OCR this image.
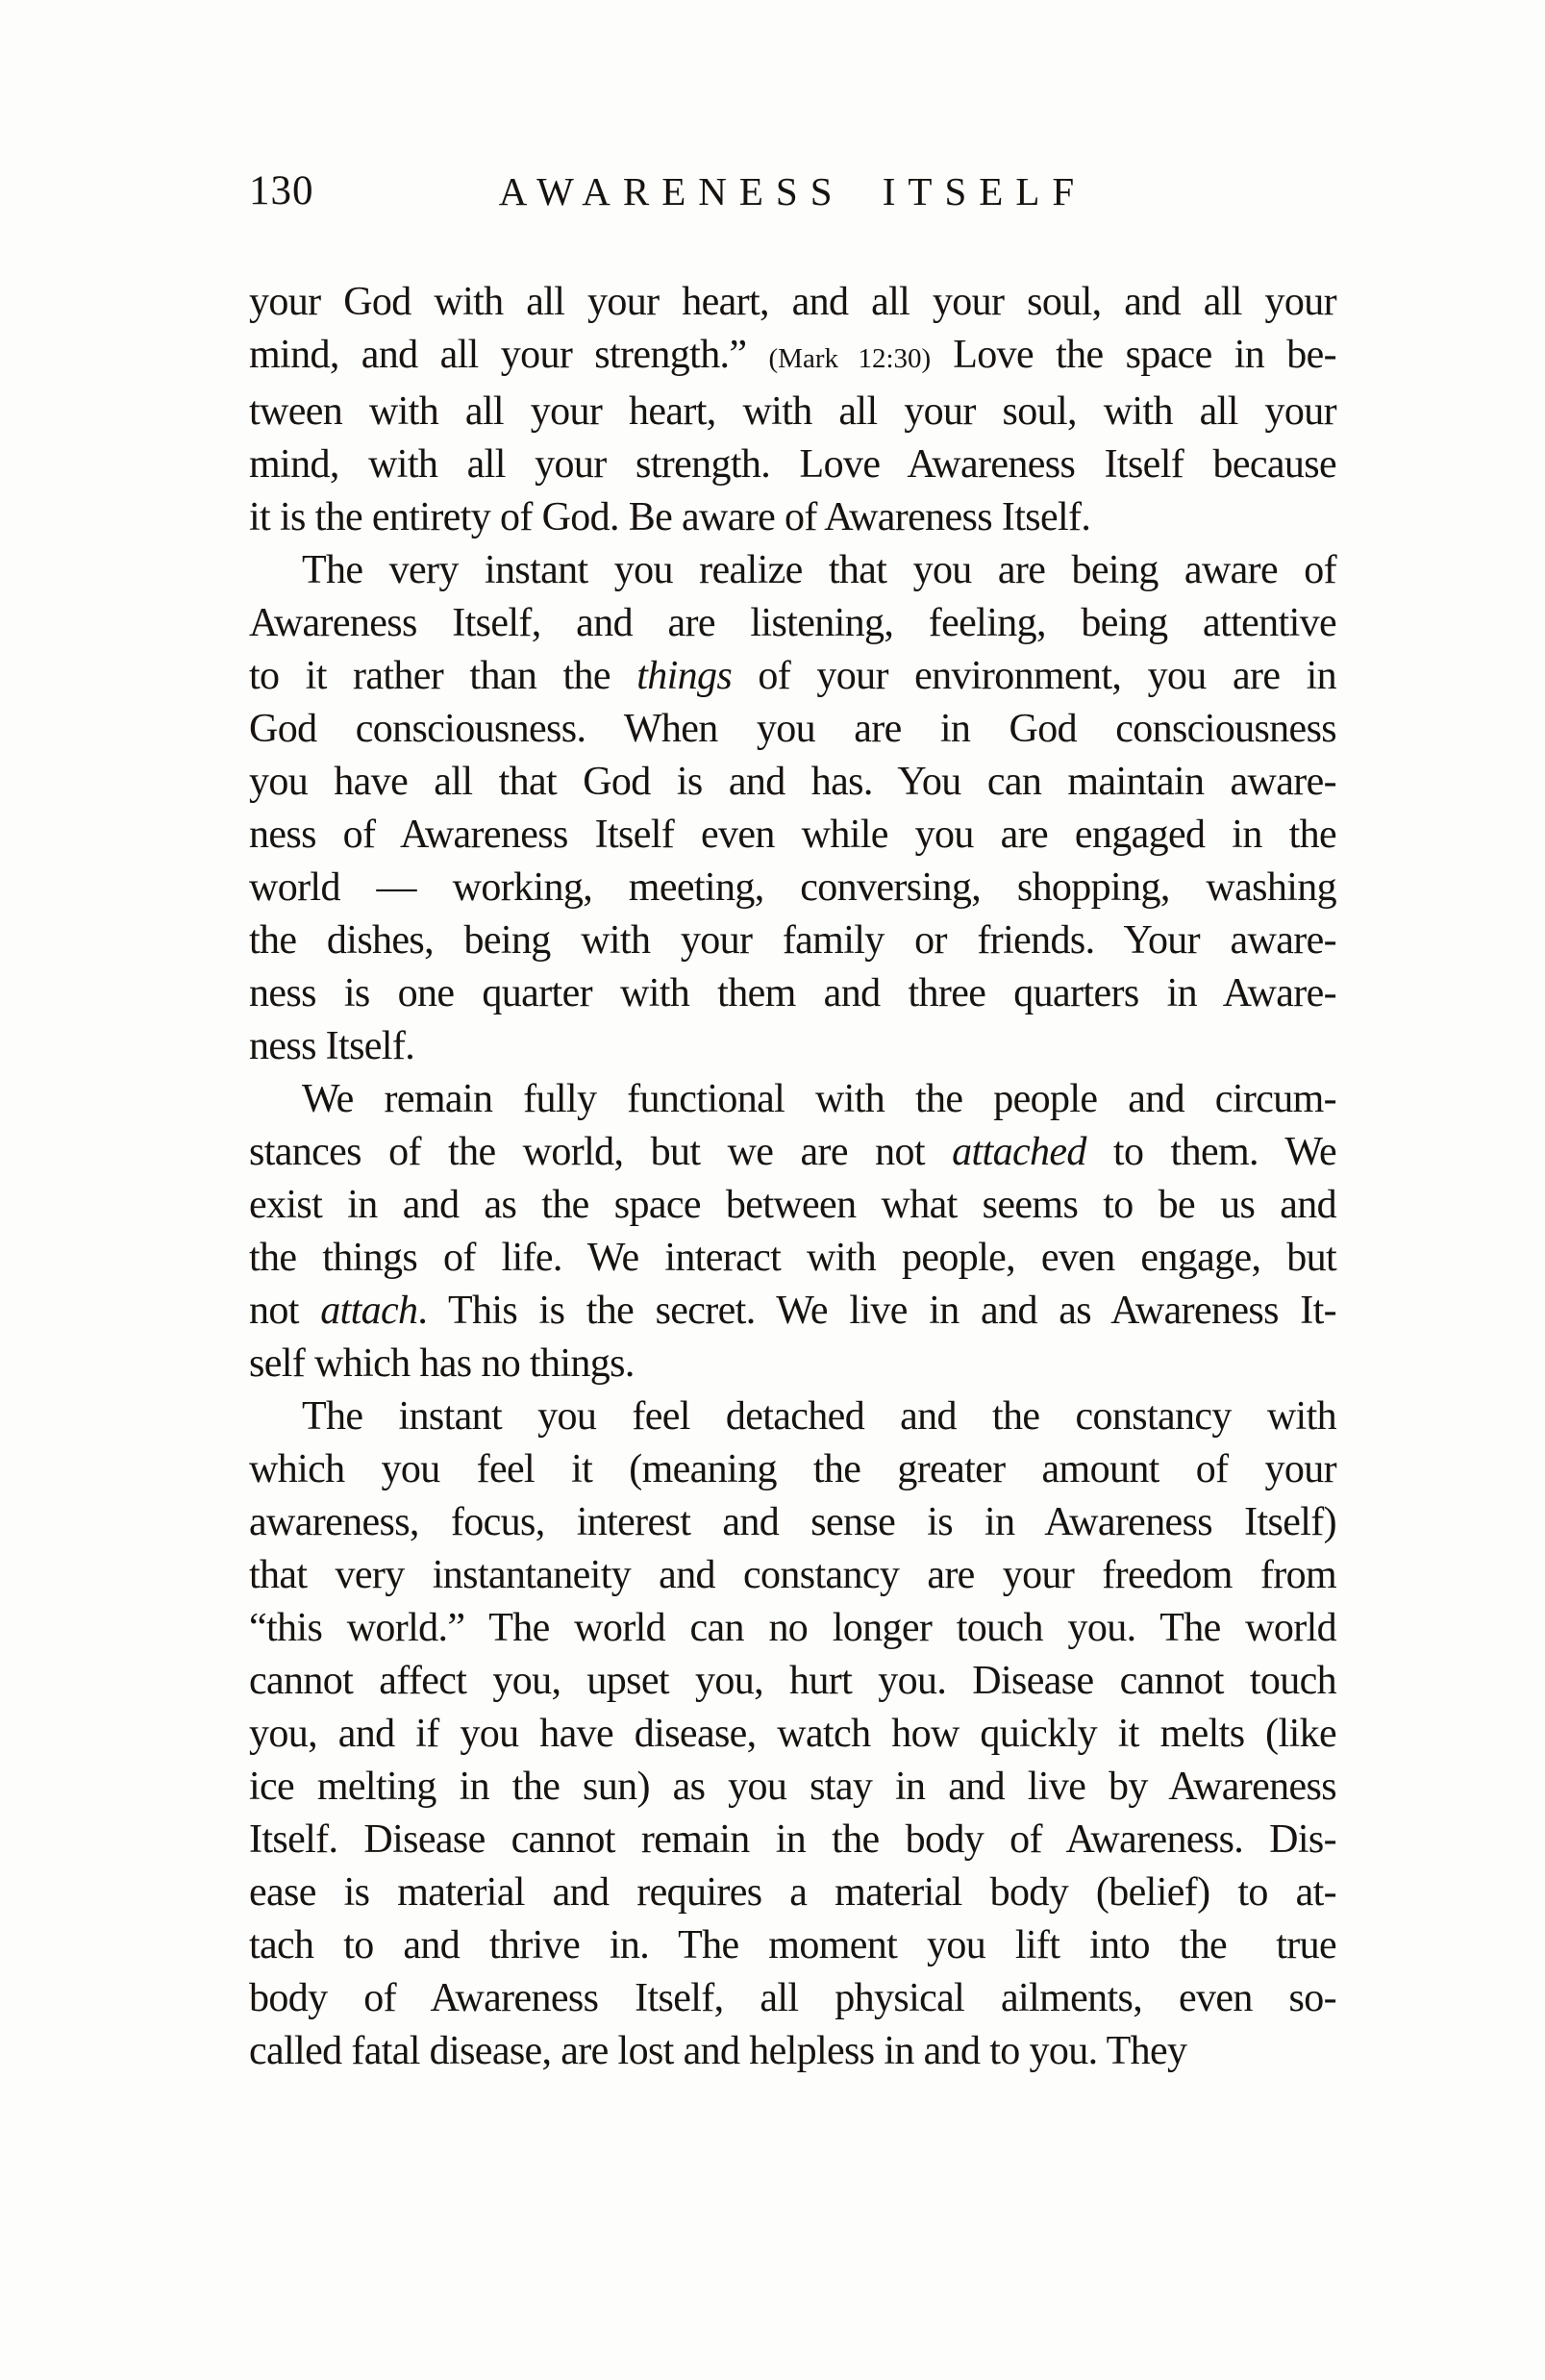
130	AWARENESS ITSELF
your God with all your heart, and all your soul, and all your
mind, and all your strength.” (Mark 12:30) Love the space in be-
tween with all your heart, with all your soul, with all your
mind, with all your strength. Love Awareness Itself because
it is the entirety of God. Be aware of Awareness Itself.
The very instant you realize that you are being aware of
Awareness Itself, and are listening, feeling, being attentive
to it rather than the things of your environment, you are in
God consciousness. When you are in God consciousness
you have all that God is and has. You can maintain aware-
ness of Awareness Itself even while you are engaged in the
world — working, meeting, conversing, shopping, washing
the dishes, being with your family or friends. Your aware-
ness is one quarter with them and three quarters in Aware-
ness Itself.
We remain fully functional with the people and circum-
stances of the world, but we are not attached to them. We
exist in and as the space between what seems to be us and
the things of life. We interact with people, even engage, but
not attach. This is the secret. We live in and as Awareness It-
self which has no things.
The instant you feel detached and the constancy with
which you feel it (meaning the greater amount of your
awareness, focus, interest and sense is in Awareness Itself)
that very instantaneity and constancy are your freedom from
“this world.” The world can no longer touch you. The world
cannot affect you, upset you, hurt you. Disease cannot touch
you, and if you have disease, watch how quickly it melts (like
ice melting in the sun) as you stay in and live by Awareness
Itself. Disease cannot remain in the body of Awareness. Dis-
ease is material and requires a material body (belief) to at-
tach to and thrive in. The moment you lift into the  true
body of Awareness Itself, all physical ailments, even so-
called fatal disease, are lost and helpless in and to you. They
